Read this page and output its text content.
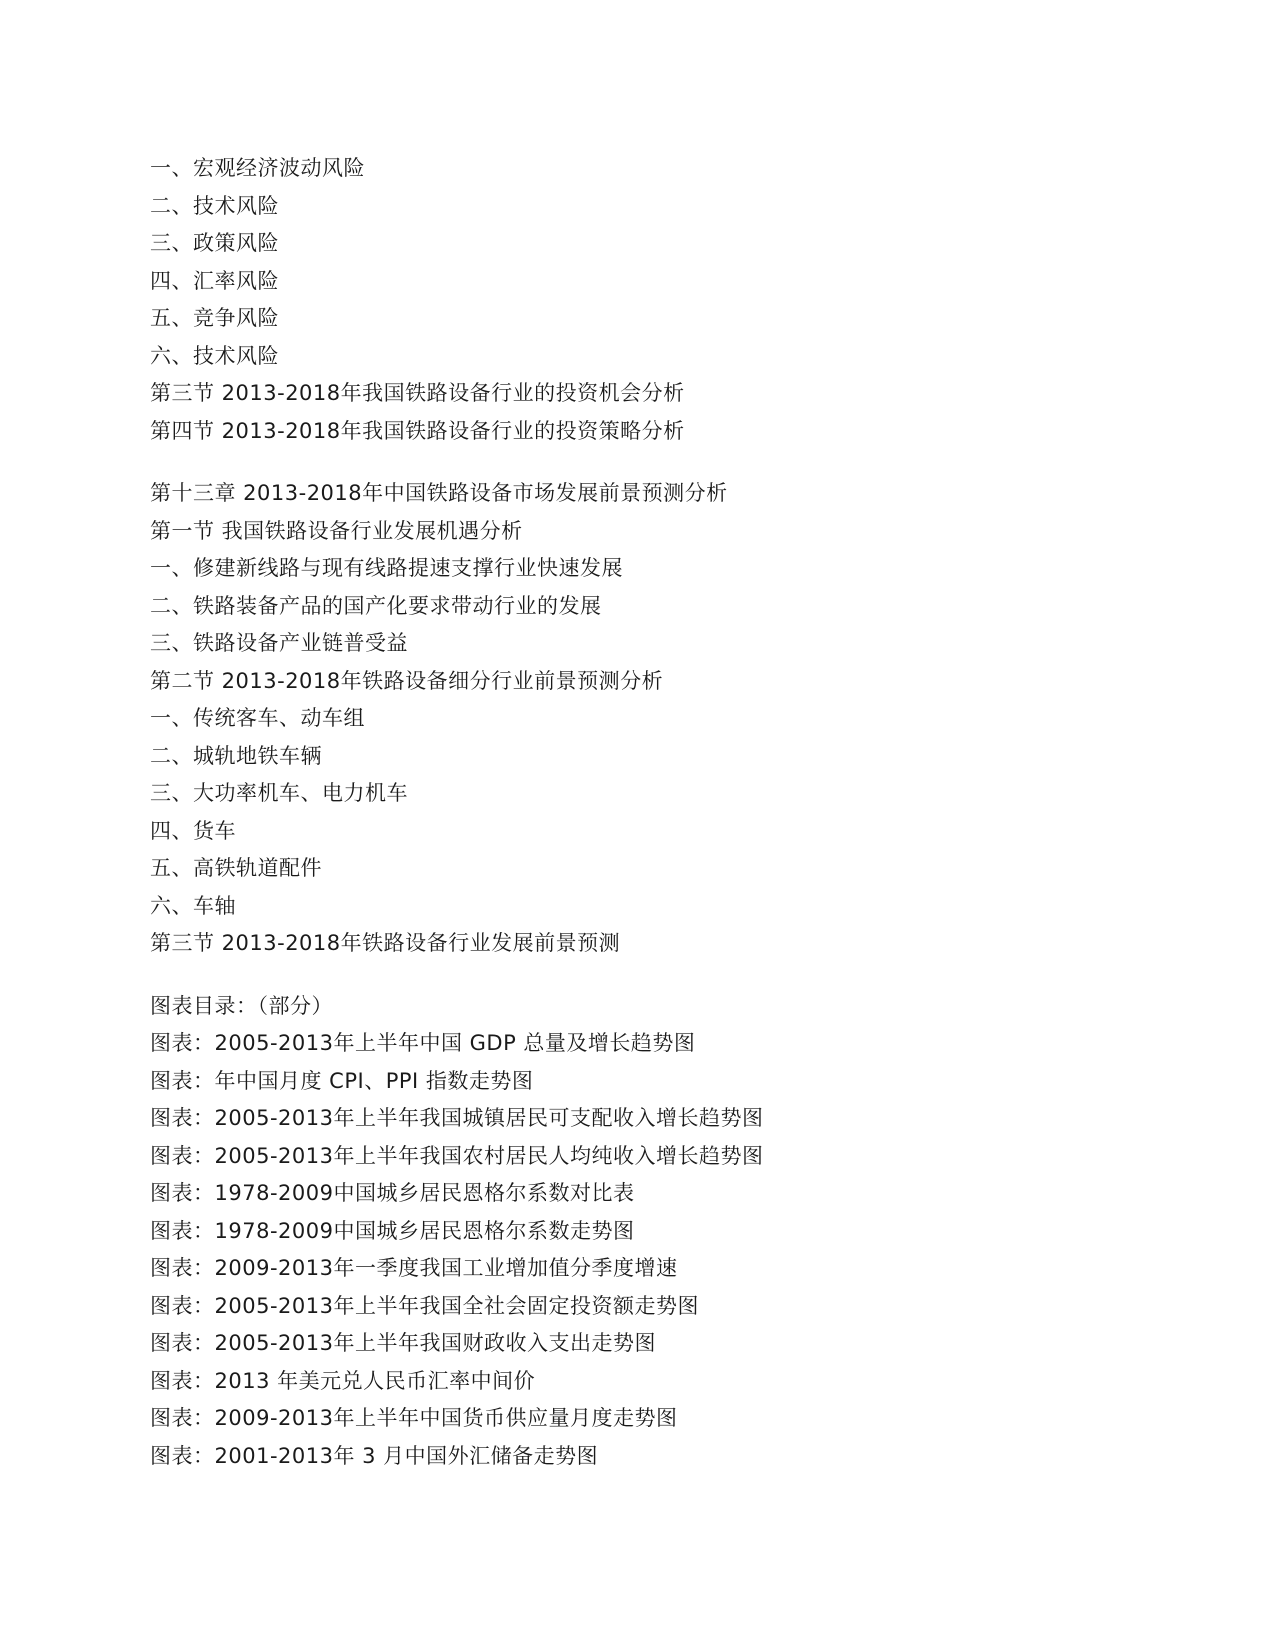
一、宏观经济波动风险
二、技术风险
三、政策风险
四、汇率风险
五、竞争风险
六、技术风险
第三节 2013-2018年我国铁路设备行业的投资机会分析
第四节 2013-2018年我国铁路设备行业的投资策略分析
第十三章 2013-2018年中国铁路设备市场发展前景预测分析
第一节 我国铁路设备行业发展机遇分析
一、修建新线路与现有线路提速支撑行业快速发展
二、铁路装备产品的国产化要求带动行业的发展
三、铁路设备产业链普受益
第二节 2013-2018年铁路设备细分行业前景预测分析
一、传统客车、动车组
二、城轨地铁车辆
三、大功率机车、电力机车
四、货车
五、高铁轨道配件
六、车轴
第三节 2013-2018年铁路设备行业发展前景预测
图表目录：（部分）
图表：2005-2013年上半年中国 GDP 总量及增长趋势图
图表：年中国月度 CPI、PPI 指数走势图
图表：2005-2013年上半年我国城镇居民可支配收入增长趋势图
图表：2005-2013年上半年我国农村居民人均纯收入增长趋势图
图表：1978-2009中国城乡居民恩格尔系数对比表
图表：1978-2009中国城乡居民恩格尔系数走势图
图表：2009-2013年一季度我国工业增加值分季度增速
图表：2005-2013年上半年我国全社会固定投资额走势图
图表：2005-2013年上半年我国财政收入支出走势图
图表：2013 年美元兑人民币汇率中间价
图表：2009-2013年上半年中国货币供应量月度走势图
图表：2001-2013年 3 月中国外汇储备走势图
